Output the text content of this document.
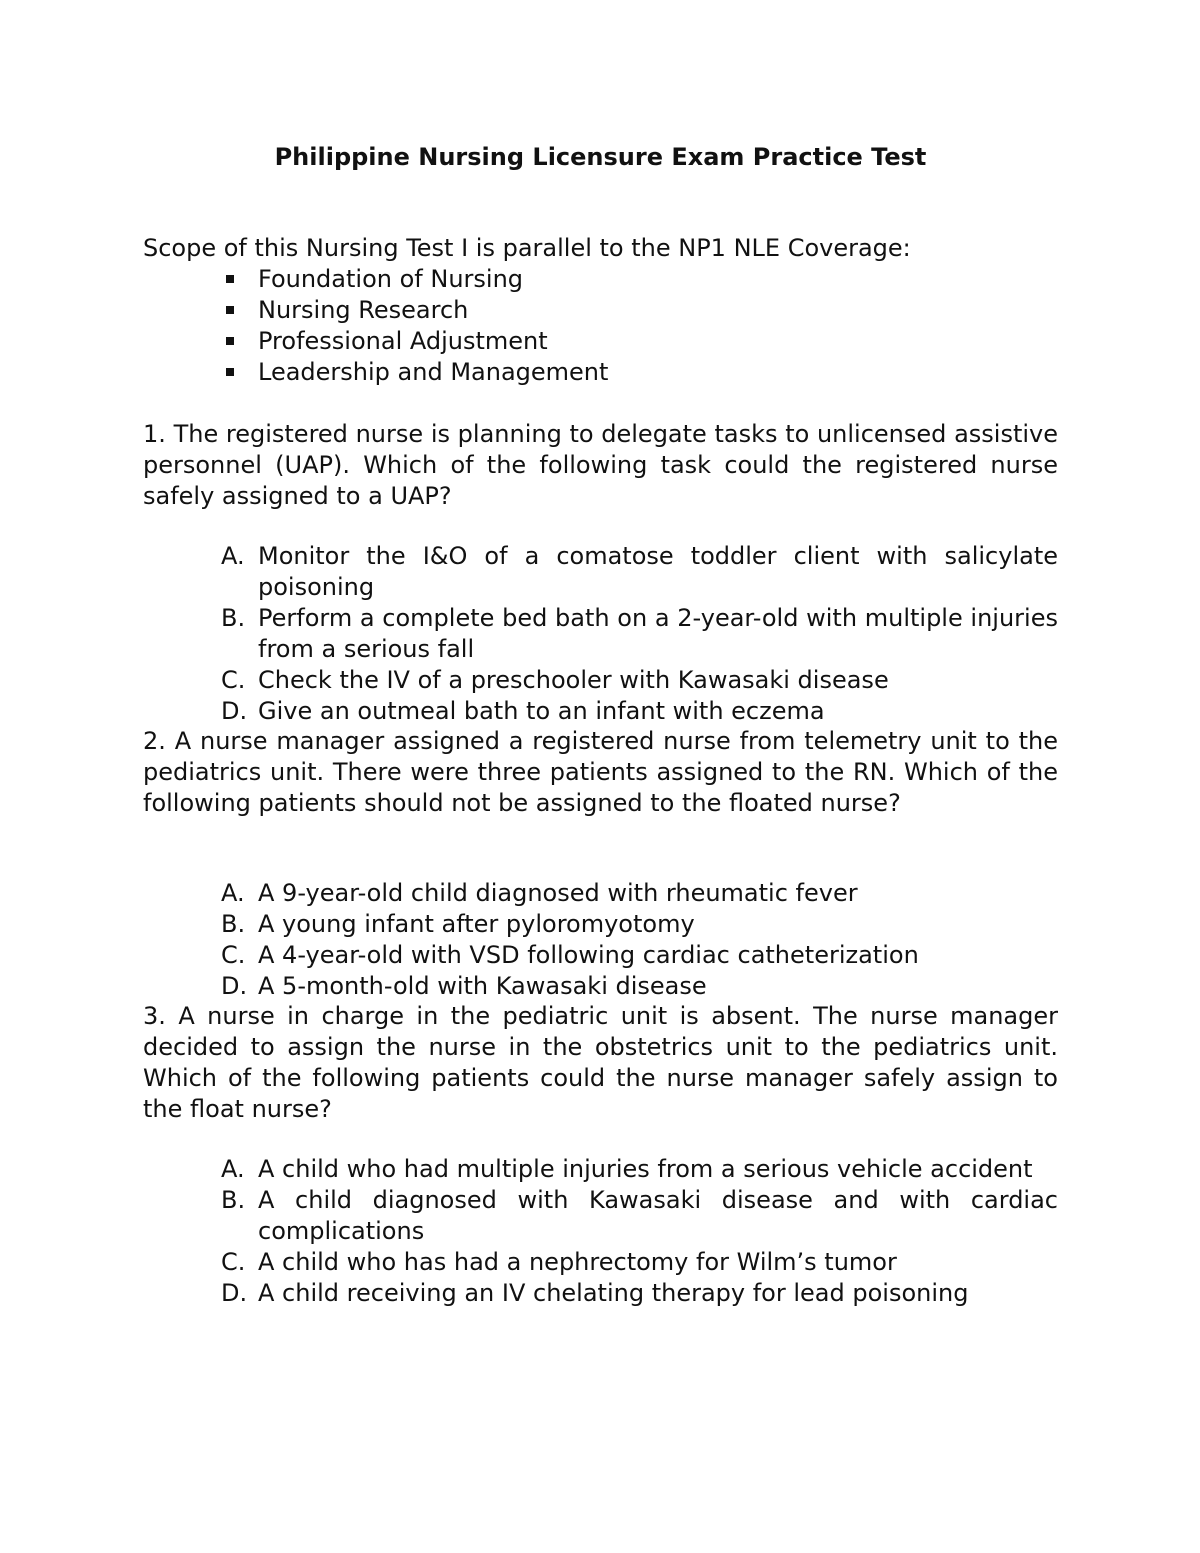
Philippine Nursing Licensure Exam Practice Test

Scope of this Nursing Test I is parallel to the NP1 NLE Coverage:

Foundation of Nursing
Nursing Research
Professional Adjustment
Leadership and Management

1. The registered nurse is planning to delegate tasks to unlicensed assistive personnel (UAP). Which of the following task could the registered nurse safely assigned to a UAP?

A. Monitor the I&O of a comatose toddler client with salicylate poisoning
B. Perform a complete bed bath on a 2-year-old with multiple injuries from a serious fall
C. Check the IV of a preschooler with Kawasaki disease
D. Give an outmeal bath to an infant with eczema

2. A nurse manager assigned a registered nurse from telemetry unit to the pediatrics unit. There were three patients assigned to the RN. Which of the following patients should not be assigned to the floated nurse?

A. A 9-year-old child diagnosed with rheumatic fever
B. A young infant after pyloromyotomy
C. A 4-year-old with VSD following cardiac catheterization
D. A 5-month-old with Kawasaki disease

3. A nurse in charge in the pediatric unit is absent. The nurse manager decided to assign the nurse in the obstetrics unit to the pediatrics unit. Which of the following patients could the nurse manager safely assign to the float nurse?

A. A child who had multiple injuries from a serious vehicle accident
B. A child diagnosed with Kawasaki disease and with cardiac complications
C. A child who has had a nephrectomy for Wilm’s tumor
D. A child receiving an IV chelating therapy for lead poisoning
